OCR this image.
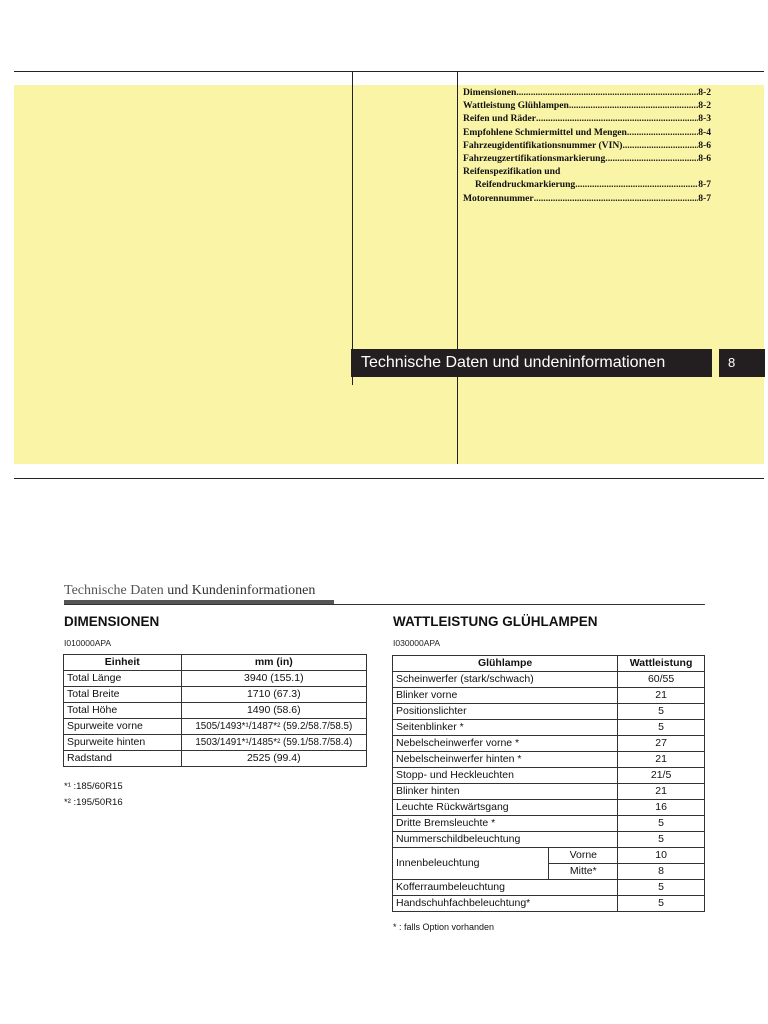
Dimensionen .....	8-2
Wattleistung Glühlampen .....	8-2
Reifen und Räder .....	8-3
Empfohlene Schmiermittel und Mengen .....	8-4
Fahrzeugidentifikationsnummer (VIN) .....	8-6
Fahrzeugzertifikationsmarkierung .....	8-6
Reifenspezifikation und
Reifendruckmarkierung .....	8-7
Motorennummer .....	8-7
Technische Daten und undeninformationen	8
Technische Daten und Kundeninformationen
DIMENSIONEN
I010000APA
Einheit	mm (in)
Total Länge	3940 (155.1)
Total Breite	1710 (67.3)
Total Höhe	1490 (58.6)
Spurweite vorne	1505/1493*¹/1487*² (59.2/58.7/58.5)
Spurweite hinten	1503/1491*¹/1485*² (59.1/58.7/58.4)
Radstand	2525 (99.4)
*¹ :185/60R15
*² :195/50R16
WATTLEISTUNG GLÜHLAMPEN
I030000APA
Glühlampe		Wattleistung
Scheinwerfer (stark/schwach)		60/55
Blinker vorne		21
Positionslichter		5
Seitenblinker *		5
Nebelscheinwerfer vorne *		27
Nebelscheinwerfer hinten *		21
Stopp- und Heckleuchten		21/5
Blinker hinten		21
Leuchte Rückwärtsgang		16
Dritte Bremsleuchte *		5
Nummerschildbeleuchtung		5
Innenbeleuchtung	Vorne	10
	Mitte*	8
Kofferraumbeleuchtung		5
Handschuhfachbeleuchtung*		5
* : falls Option vorhanden
